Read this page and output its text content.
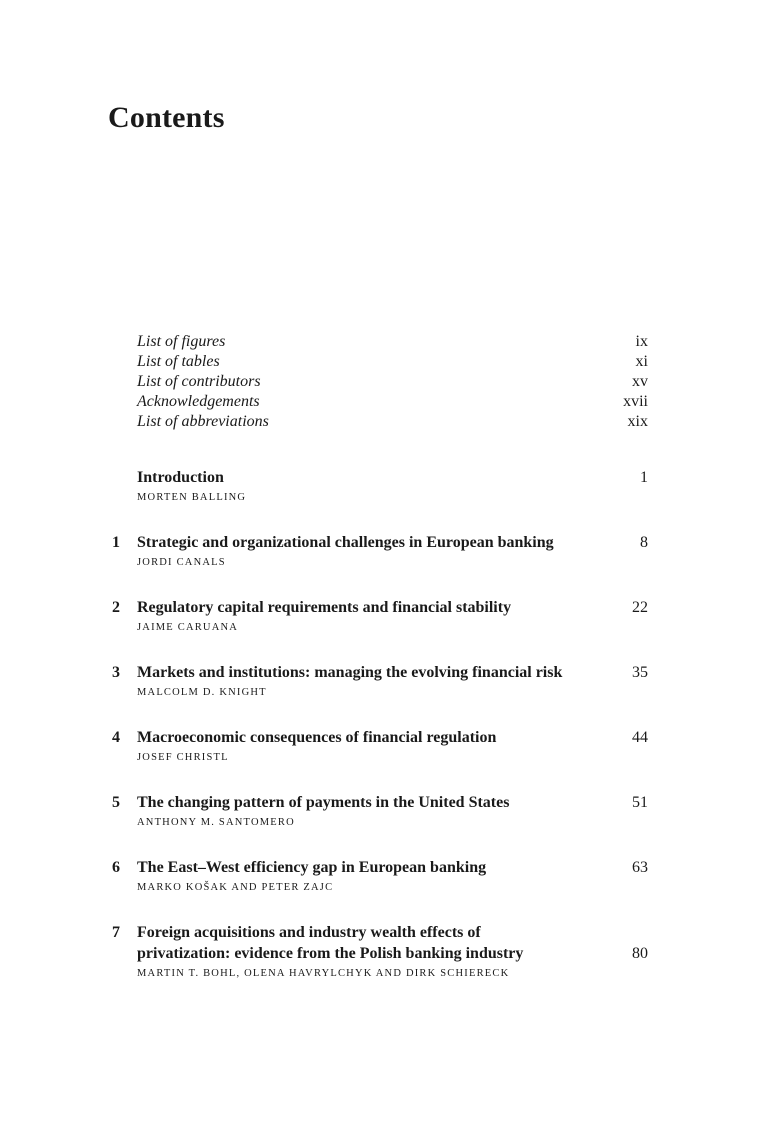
Contents
List of figures	ix
List of tables	xi
List of contributors	xv
Acknowledgements	xvii
List of abbreviations	xix
Introduction	1
MORTEN BALLING
1	Strategic and organizational challenges in European banking	8
JORDI CANALS
2	Regulatory capital requirements and financial stability	22
JAIME CARUANA
3	Markets and institutions: managing the evolving financial risk	35
MALCOLM D. KNIGHT
4	Macroeconomic consequences of financial regulation	44
JOSEF CHRISTL
5	The changing pattern of payments in the United States	51
ANTHONY M. SANTOMERO
6	The East–West efficiency gap in European banking	63
MARKO KOŠAK AND PETER ZAJC
7	Foreign acquisitions and industry wealth effects of
privatization: evidence from the Polish banking industry	80
MARTIN T. BOHL, OLENA HAVRYLCHYK AND DIRK SCHIERECK
